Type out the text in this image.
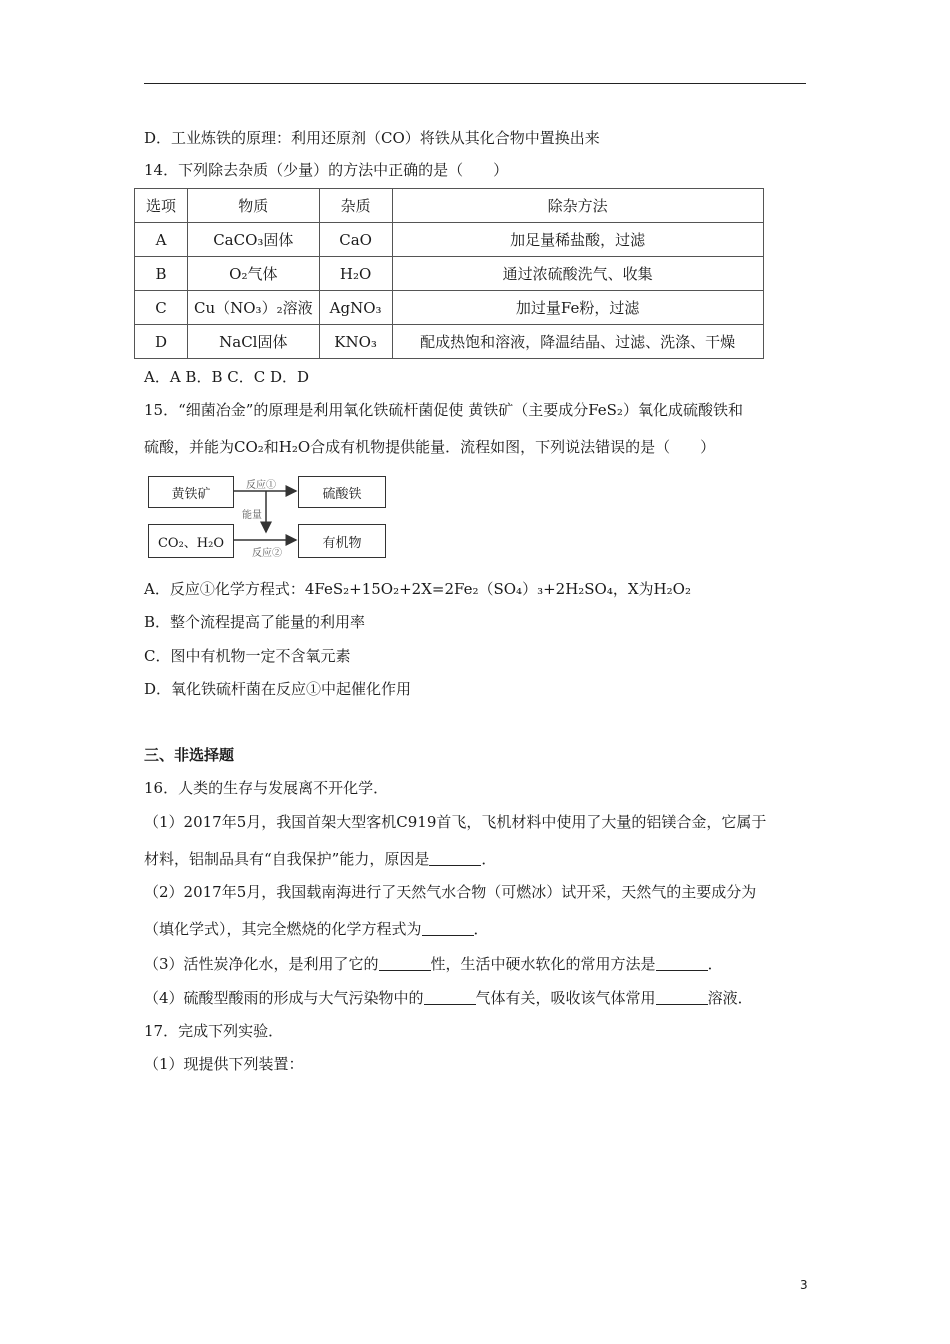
D．工业炼铁的原理：利用还原剂（CO）将铁从其化合物中置换出来
14．下列除去杂质（少量）的方法中正确的是（　　）
选项	物质	杂质	除杂方法
A	CaCO₃固体	CaO	加足量稀盐酸，过滤
B	O₂气体	H₂O	通过浓硫酸洗气、收集
C	Cu（NO₃）₂溶液	AgNO₃	加过量Fe粉，过滤
D	NaCl固体	KNO₃	配成热饱和溶液，降温结晶、过滤、洗涤、干燥
A．A B．B C．C D．D
15．“细菌冶金”的原理是利用氧化铁硫杆菌促使 黄铁矿（主要成分FeS₂）氧化成硫酸铁和
硫酸，并能为CO₂和H₂O合成有机物提供能量．流程如图，下列说法错误的是（　　）
黄铁矿	硫酸铁
CO₂、H₂O	有机物
反应①
能量
反应②
A．反应①化学方程式：4FeS₂+15O₂+2X=2Fe₂（SO₄）₃+2H₂SO₄，X为H₂O₂
B．整个流程提高了能量的利用率
C．图中有机物一定不含氧元素
D．氧化铁硫杆菌在反应①中起催化作用
三、非选择题
16．人类的生存与发展离不开化学．
（1）2017年5月，我国首架大型客机C919首飞，飞机材料中使用了大量的铝镁合金，它属于
材料，铝制品具有“自我保护”能力，原因是	．
（2）2017年5月，我国载南海进行了天然气水合物（可燃冰）试开采，天然气的主要成分为
（填化学式），其完全燃烧的化学方程式为	．
（3）活性炭净化水，是利用了它的	性，生活中硬水软化的常用方法是	．
（4）硫酸型酸雨的形成与大气污染物中的	气体有关，吸收该气体常用	溶液．
17．完成下列实验．
（1）现提供下列装置：
3
